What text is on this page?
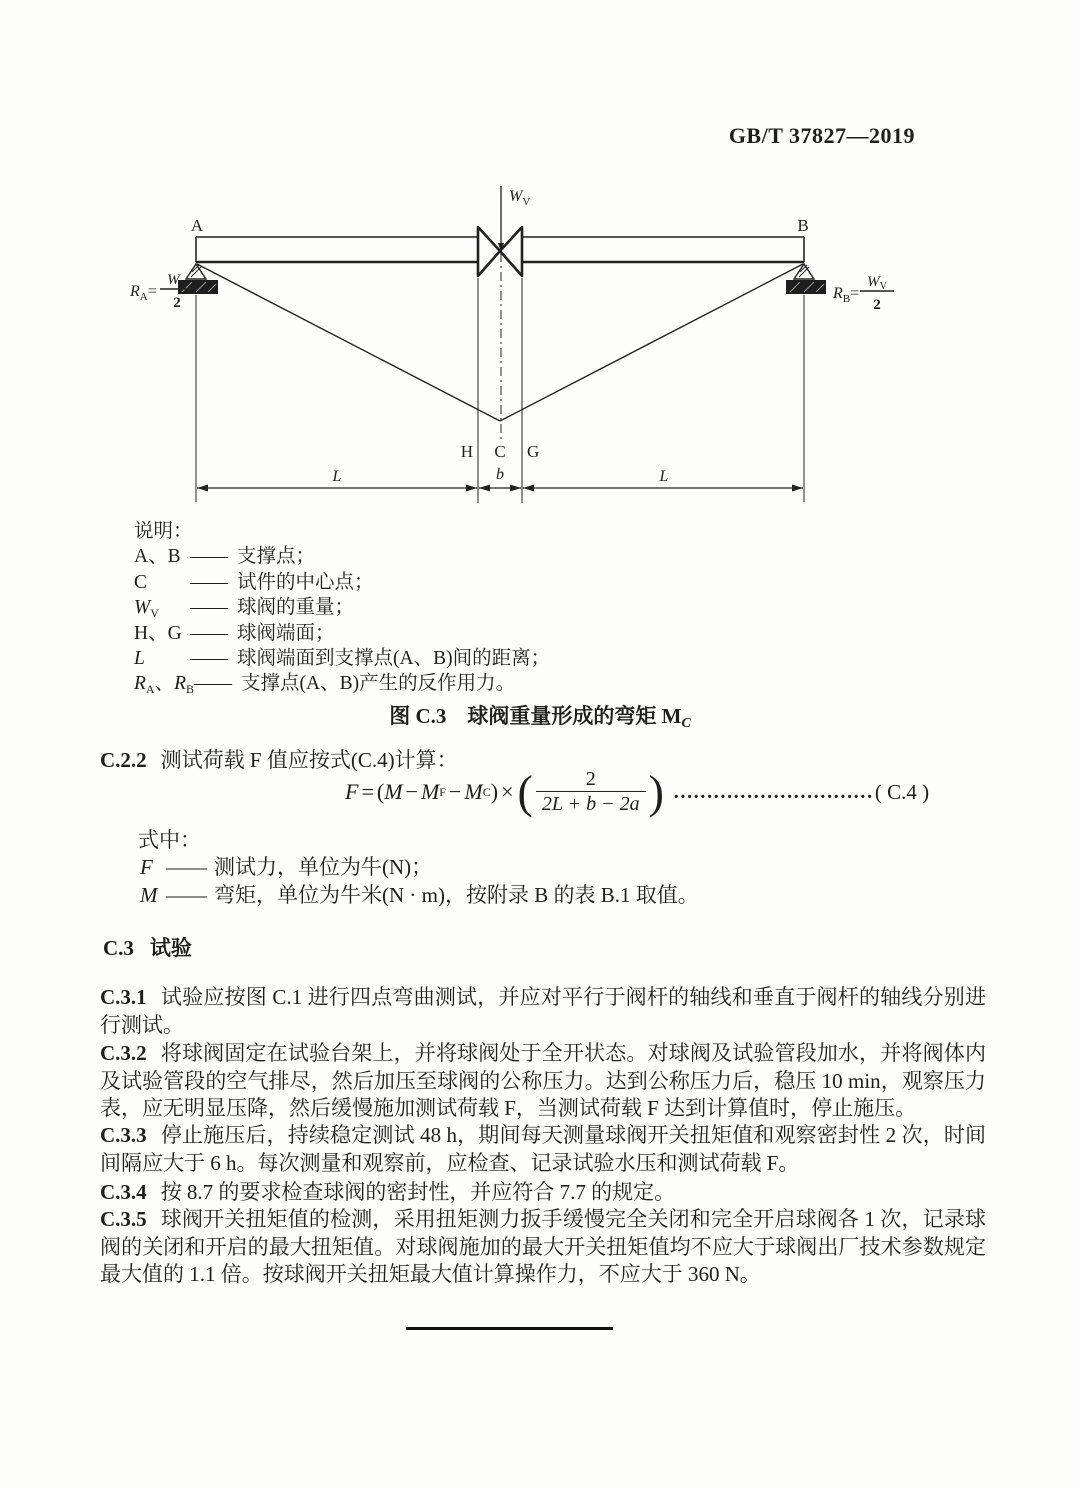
GB/T 37827—2019
$W_V$
A	B
$R_A=$
$W_V$
2
$R_B=$
$W_V$
2
H C G
L	b	L
说明：
A、B —— 支撑点；
C —— 试件的中心点；
$W_V$ —— 球阀的重量；
H、G —— 球阀端面；
L —— 球阀端面到支撑点(A、B)间的距离；
$R_A$、$R_B——$ 支撑点(A、B)产生的反作用力。
图 C.3　球阀重量形成的弯矩 $M_C$
C.2.2 测试荷载 F 值应按式(C.4)计算：
F = ( M − M F − M C ) × ( $\frac{2}{2L + b - 2a}$ ) ………………………… ( C.4 )
式中：
F —— 测试力，单位为牛(N)；
M —— 弯矩，单位为牛米(N · m)，按附录 B 的表 B.1 取值。
C.3 试验
C.3.1 试验应按图 C.1 进行四点弯曲测试，并应对平行于阀杆的轴线和垂直于阀杆的轴线分别进行测试。
C.3.2 将球阀固定在试验台架上，并将球阀处于全开状态。对球阀及试验管段加水，并将阀体内及试验管段的空气排尽，然后加压至球阀的公称压力。达到公称压力后，稳压 10 min，观察压力表，应无明显压降，然后缓慢施加测试荷载 F，当测试荷载 F 达到计算值时，停止施压。
C.3.3 停止施压后，持续稳定测试 48 h，期间每天测量球阀开关扭矩值和观察密封性 2 次，时间间隔应大于 6 h。每次测量和观察前，应检查、记录试验水压和测试荷载 F。
C.3.4 按 8.7 的要求检查球阀的密封性，并应符合 7.7 的规定。
C.3.5 球阀开关扭矩值的检测，采用扭矩测力扳手缓慢完全关闭和完全开启球阀各 1 次，记录球阀的关闭和开启的最大扭矩值。对球阀施加的最大开关扭矩值均不应大于球阀出厂技术参数规定最大值的 1.1 倍。按球阀开关扭矩最大值计算操作力，不应大于 360 N。
